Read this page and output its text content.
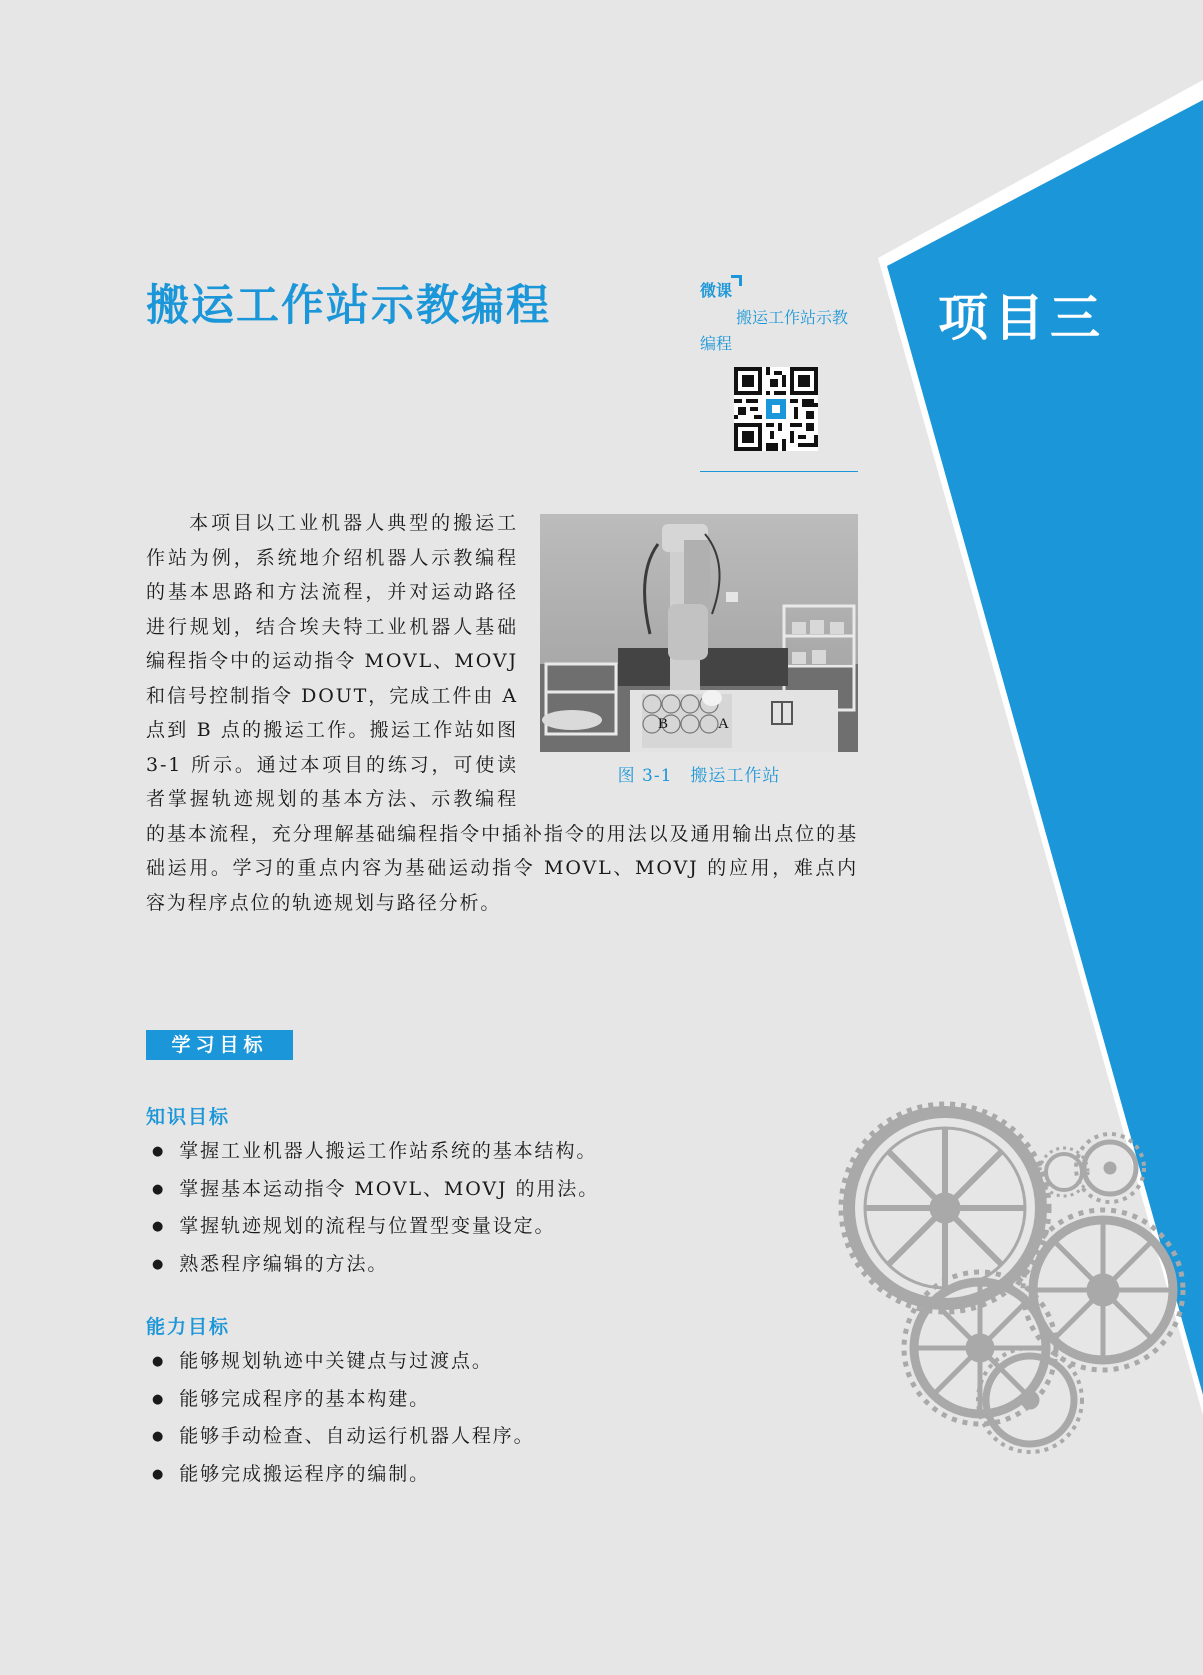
搬运工作站示教编程	项目三
微课
搬运工作站示教编程
B	A
图 3-1　搬运工作站
本项目以工业机器人典型的搬运工作站为例，系统地介绍机器人示教编程的基本思路和方法流程，并对运动路径进行规划，结合埃夫特工业机器人基础编程指令中的运动指令 MOVL、MOVJ 和信号控制指令 DOUT，完成工件由 A 点到 B 点的搬运工作。搬运工作站如图 3-1 所示。通过本项目的练习，可使读者掌握轨迹规划的基本方法、示教编程的基本流程，充分理解基础编程指令中插补指令的用法以及通用输出点位的基础运用。学习的重点内容为基础运动指令 MOVL、MOVJ 的应用，难点内容为程序点位的轨迹规划与路径分析。
学习目标
知识目标
● 掌握工业机器人搬运工作站系统的基本结构。
● 掌握基本运动指令 MOVL、MOVJ 的用法。
● 掌握轨迹规划的流程与位置型变量设定。
● 熟悉程序编辑的方法。
能力目标
● 能够规划轨迹中关键点与过渡点。
● 能够完成程序的基本构建。
● 能够手动检查、自动运行机器人程序。
● 能够完成搬运程序的编制。
